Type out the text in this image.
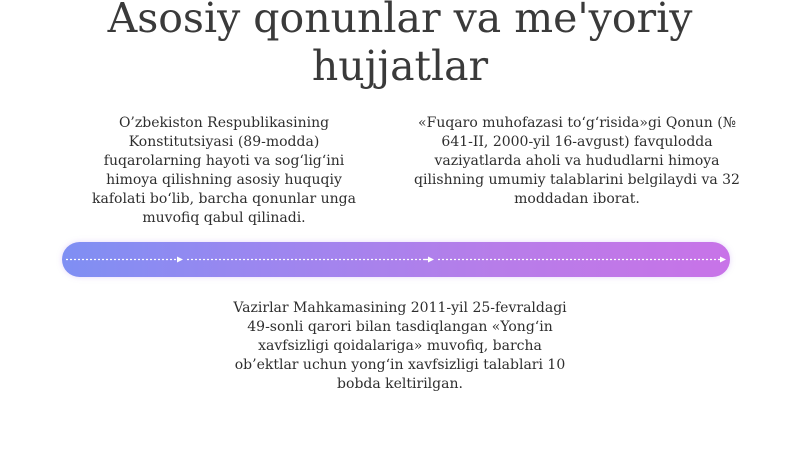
Asosiy qonunlar va me'yoriy hujjatlar

O’zbekiston Respublikasining Konstitutsiyasi (89-modda) fuqarolarning hayoti va sog‘lig‘ini himoya qilishning asosiy huquqiy kafolati bo‘lib, barcha qonunlar unga muvofiq qabul qilinadi.

«Fuqaro muhofazasi to‘g‘risida»gi Qonun (№ 641-II, 2000-yil 16-avgust) favqulodda vaziyatlarda aholi va hududlarni himoya qilishning umumiy talablarini belgilaydi va 32 moddadan iborat.

Vazirlar Mahkamasining 2011-yil 25-fevraldagi 49-sonli qarori bilan tasdiqlangan «Yong‘in xavfsizligi qoidalariga» muvofiq, barcha ob’ektlar uchun yong‘in xavfsizligi talablari 10 bobda keltirilgan.
